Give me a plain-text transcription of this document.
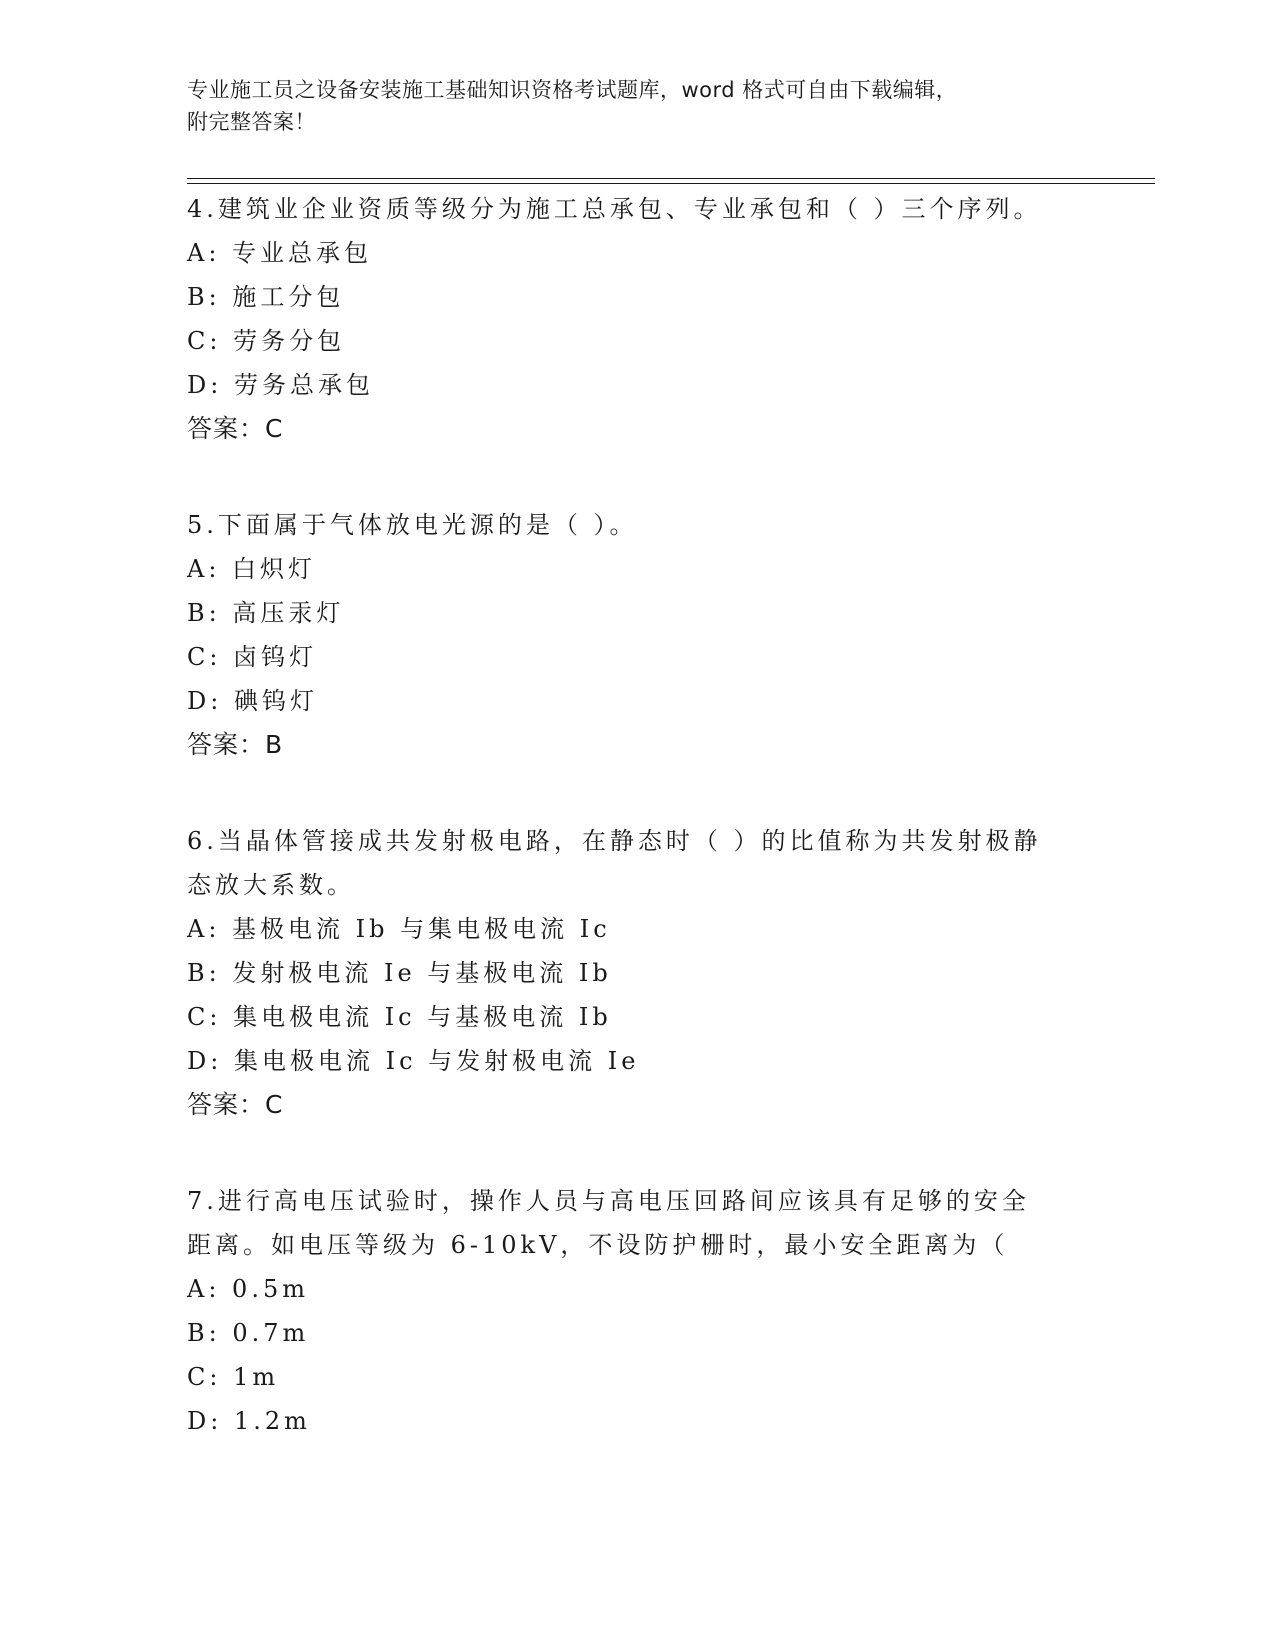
专业施工员之设备安装施工基础知识资格考试题库，word 格式可自由下载编辑，
附完整答案！
4.建筑业企业资质等级分为施工总承包、专业承包和（ ）三个序列。
A: 专业总承包
B: 施工分包
C: 劳务分包
D: 劳务总承包
答案：C
5.下面属于气体放电光源的是（ ）。
A: 白炽灯
B: 高压汞灯
C: 卤钨灯
D: 碘钨灯
答案：B
6.当晶体管接成共发射极电路，在静态时（ ）的比值称为共发射极静
态放大系数。
A: 基极电流 Ib 与集电极电流 Ic
B: 发射极电流 Ie 与基极电流 Ib
C: 集电极电流 Ic 与基极电流 Ib
D: 集电极电流 Ic 与发射极电流 Ie
答案：C
7.进行高电压试验时，操作人员与高电压回路间应该具有足够的安全
距离。如电压等级为 6-10kV，不设防护栅时，最小安全距离为（
A: 0.5m
B: 0.7m
C: 1m
D: 1.2m
